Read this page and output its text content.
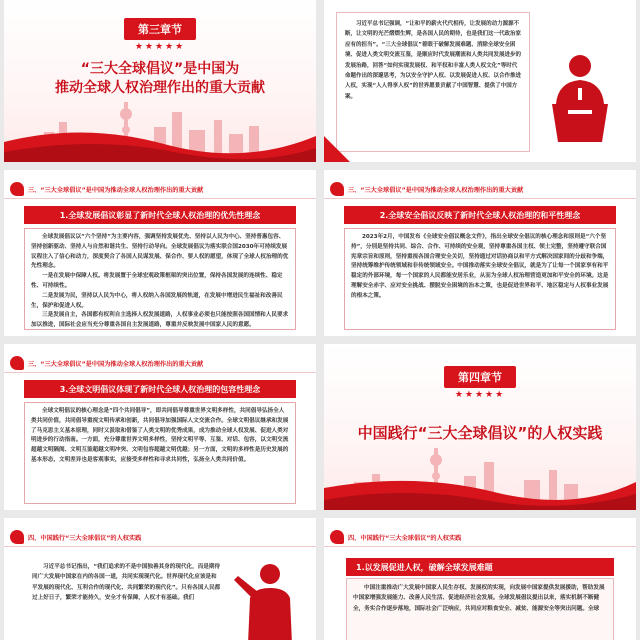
第三章节
★★★★★
“三大全球倡议”是中国为
推动全球人权治理作出的重大贡献

习近平总书记强调，“让和平的薪火代代相传，让发展的动力源源不断，让文明的光芒熠熠生辉，是各国人民的期待，也是我们这一代政治家应有的担当”。“三大全球倡议”着眼于破解发展难题、消除全球安全困境、促进人类文明交流互鉴，是顺应时代发展潮流和人类共同发展进步的发展治路，回答“如何实现发展权、和平权和丰富人类人权文化”等时代命题作出的深邃思考，为以安全守护人权、以发展促进人权、以合作推进人权，实现“人人得享人权”的世界愿景贡献了中国智慧、提供了中国方案。

三、“三大全球倡议”是中国为推动全球人权治理作出的重大贡献
1.全球发展倡议彰显了新时代全球人权治理的优先性理念

全球发展倡议以“六个坚持”为主要内容，强调坚持发展优先、坚持以人民为中心、坚持普惠包容、坚持创新驱动、坚持人与自然和谐共生、坚持行动导向。全球发展倡议为落实联合国2030年可持续发展议程注入了信心和动力，深度契合了各国人民谋发展、保合作、要人权的愿望，体现了全球人权治理的优先性理念。

一是在发展中保障人权。将发展置于全球宏观政策框架的突出位置，保持各国发展的连续性、稳定性、可持续性。

二是发展为民，坚持以人民为中心，将人权纳入各国发展的轨道，在发展中增进民生福祉和改善民生，保护和促进人权。

三是发展自主，各国都有权利自主选择人权发展道路，人权事业必须也只能按照各国国情和人民要求加以推进，国际社会应当充分尊重各国自主发展道路，尊重并反映发展中国家人民的意愿。

三、“三大全球倡议”是中国为推动全球人权治理作出的重大贡献
2.全球安全倡议反映了新时代全球人权治理的和平性理念

2023年2月，中国发布《全球安全倡议概念文件》，指出全球安全倡议的核心理念和原则是“六个坚持”，分别是坚持共同、综合、合作、可持续的安全观，坚持尊重各国主权、领土完整，坚持遵守联合国宪章宗旨和原则，坚持重视各国合理安全关切，坚持通过对话协商以和平方式解决国家间的分歧和争端，坚持统筹维护传统领域和非传统领域安全。中国推动落实全球安全倡议，就是为了让每一个国家享有和平稳定的外部环境，每一个国家的人民都能安居乐业，从而为全球人权治理营造更加和平安全的环境。这是理解安全赤字、应对安全挑战、摆脱安全困境的治本之策，也是促进世界和平、地区稳定与人权事业发展的根本之策。

三、“三大全球倡议”是中国为推动全球人权治理作出的重大贡献
3.全球文明倡议体现了新时代全球人权治理的包容性理念

全球文明倡议的核心理念是“四个共同倡导”，即共同倡导尊重世界文明多样性，共同倡导弘扬全人类共同价值，共同倡导重视文明传承和创新，共同倡导加强国际人文交流合作。全球文明倡议继承和发展了马克思主义基本原理，同时又汲取和借鉴了人类文明的优秀成果，成为推动全球人权发展、促进人类对明进步的行动指南。一方面，充分尊重世界文明多样性，坚持文明平等、互鉴、对话、包容，以文明交流超越文明隔阂、文明互鉴超越文明冲突、文明包容超越文明优越；另一方面，文明的多样性是历史发展的基本形态，文明差异也是客观事实，应接受多样性和寻求共同性，弘扬全人类共同价值。

第四章节
★★★★★
中国践行“三大全球倡议”的人权实践
四、中国践行“三大全球倡议”的人权实践

习近平总书记指出，“我们追求的不是中国独善其身的现代化，而是期待同广大发展中国家在内的各国一道，共同实现现代化。世界现代化应该是和平发展的现代化、互利合作的现代化、共同繁荣的现代化”。只有各国人民都过上好日子，繁荣才能持久，安全才有保障，人权才有基础。我们

四、中国践行“三大全球倡议”的人权实践
1.以发展促进人权，破解全球发展难题

中国注重推动广大发展中国家人民生存权、发展权的实现，向发展中国家提供发展援助，帮助发展中国家增强发展能力、改善人民生活、促进经济社会发展。全球发展倡议提出以来，落实机制不断健全，务实合作逐步落地，国际社会广泛响应，共同应对粮食安全、减贫、能源安全等突出问题。全球
